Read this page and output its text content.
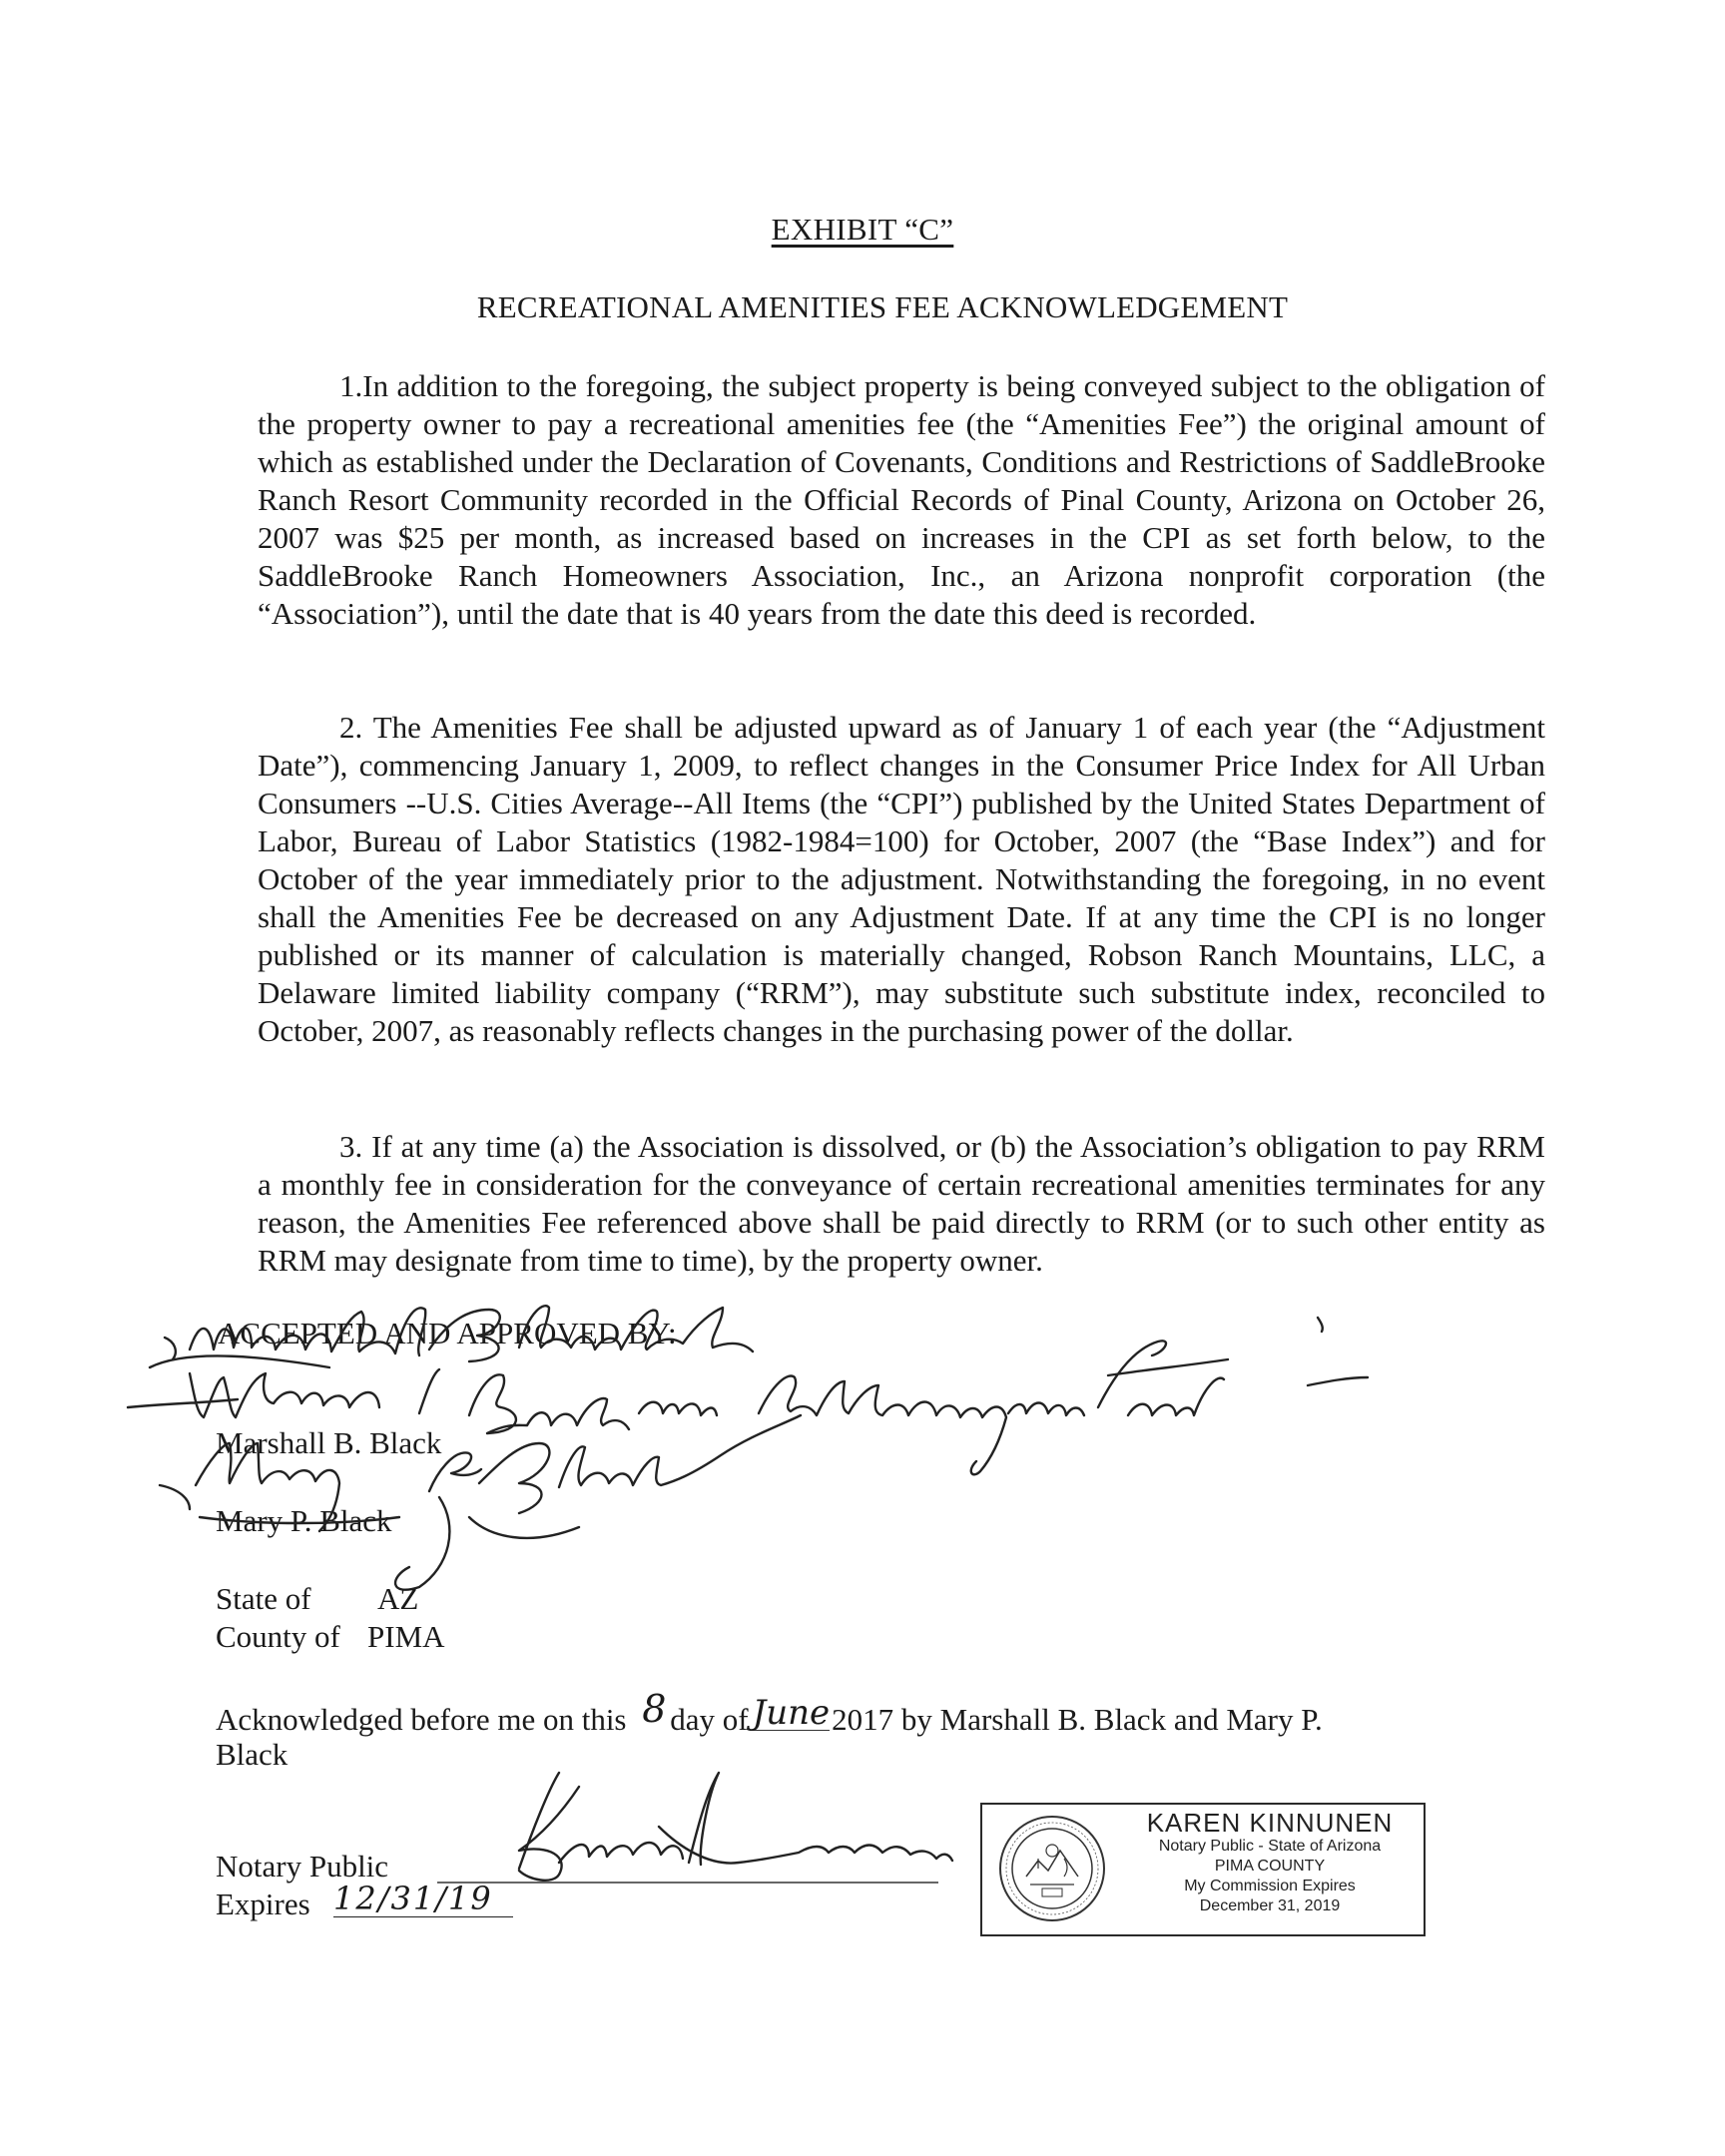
EXHIBIT “C”
RECREATIONAL AMENITIES FEE ACKNOWLEDGEMENT

1.In addition to the foregoing, the subject property is being conveyed subject to the obligation of the property owner to pay a recreational amenities fee (the “Amenities Fee”) the original amount of which as established under the Declaration of Covenants, Conditions and Restrictions of SaddleBrooke Ranch Resort Community recorded in the Official Records of Pinal County, Arizona on October 26, 2007 was $25 per month, as increased based on increases in the CPI as set forth below, to the SaddleBrooke Ranch Homeowners Association, Inc., an Arizona nonprofit corporation (the “Association”), until the date that is 40 years from the date this deed is recorded.

2. The Amenities Fee shall be adjusted upward as of January 1 of each year (the “Adjustment Date”), commencing January 1, 2009, to reflect changes in the Consumer Price Index for All Urban Consumers --U.S. Cities Average--All Items (the “CPI”) published by the United States Department of Labor, Bureau of Labor Statistics (1982-1984=100) for October, 2007 (the “Base Index”) and for October of the year immediately prior to the adjustment. Notwithstanding the foregoing, in no event shall the Amenities Fee be decreased on any Adjustment Date. If at any time the CPI is no longer published or its manner of calculation is materially changed, Robson Ranch Mountains, LLC, a Delaware limited liability company (“RRM”), may substitute such substitute index, reconciled to October, 2007, as reasonably reflects changes in the purchasing power of the dollar.

3. If at any time (a) the Association is dissolved, or (b) the Association’s obligation to pay RRM a monthly fee in consideration for the conveyance of certain recreational amenities terminates for any reason, the Amenities Fee referenced above shall be paid directly to RRM (or to such other entity as RRM may designate from time to time), by the property owner.

ACCEPTED AND APPROVED BY:
Marshall B. Black
Mary P. Black
State of AZ
County of PIMA
Acknowledged before me on this 8 day of June2017 by Marshall B. Black and Mary P.
Black
Notary Public
Expires 12/31/19
KAREN KINNUNEN
Notary Public - State of Arizona
PIMA COUNTY
My Commission Expires
December 31, 2019
